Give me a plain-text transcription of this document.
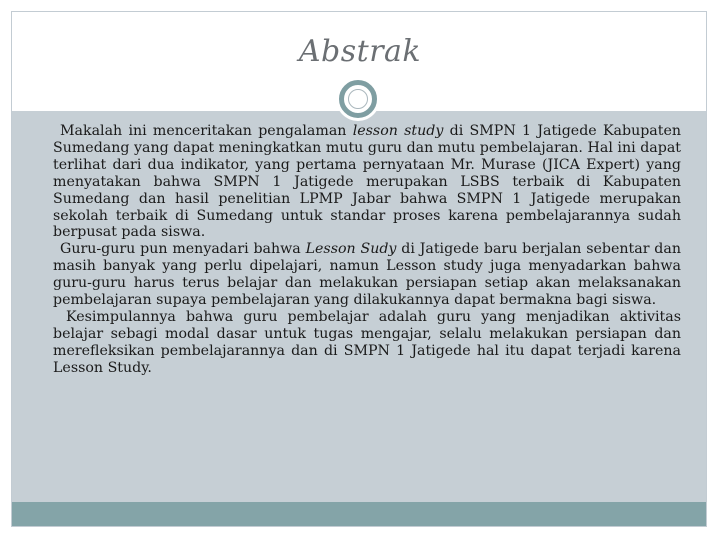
Abstrak

Makalah ini menceritakan pengalaman lesson study di SMPN 1 Jatigede Kabupaten Sumedang yang dapat meningkatkan mutu guru dan mutu pembelajaran. Hal ini dapat terlihat dari dua indikator, yang pertama pernyataan Mr. Murase (JICA Expert) yang menyatakan bahwa SMPN 1 Jatigede merupakan LSBS terbaik di Kabupaten Sumedang dan hasil penelitian LPMP Jabar bahwa SMPN 1 Jatigede merupakan sekolah terbaik di Sumedang untuk standar proses karena pembelajarannya sudah berpusat pada siswa.

Guru-guru pun menyadari bahwa Lesson Sudy di Jatigede baru berjalan sebentar dan masih banyak yang perlu dipelajari, namun Lesson study juga menyadarkan bahwa guru-guru harus terus belajar dan melakukan persiapan setiap akan melaksanakan pembelajaran supaya pembelajaran yang dilakukannya dapat bermakna bagi siswa.

Kesimpulannya bahwa guru pembelajar adalah guru yang menjadikan aktivitas belajar sebagi modal dasar untuk tugas mengajar, selalu melakukan persiapan dan merefleksikan pembelajarannya dan di SMPN 1 Jatigede hal itu dapat terjadi karena Lesson Study.
